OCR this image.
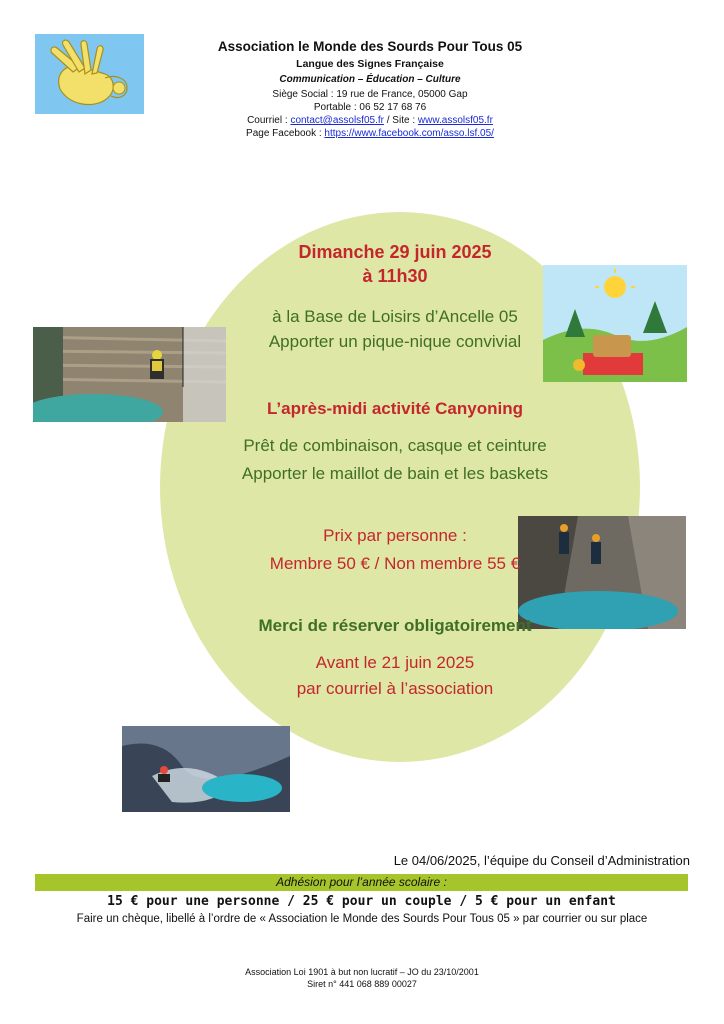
Association le Monde des Sourds Pour Tous 05
Langue des Signes Française
Communication – Éducation – Culture
Siège Social : 19 rue de France, 05000 Gap
Portable : 06 52 17 68 76
Courriel : contact@assolsf05.fr / Site : www.assolsf05.fr
Page Facebook : https://www.facebook.com/asso.lsf.05/
Dimanche 29 juin 2025
à 11h30
à la Base de Loisirs d’Ancelle 05
Apporter un pique-nique convivial
L’après-midi activité Canyoning
Prêt de combinaison, casque et ceinture
Apporter le maillot de bain et les baskets
Prix par personne :
Membre 50 € / Non membre 55 €
Merci de réserver obligatoirement
Avant le 21 juin 2025
par courriel à l’association
Le 04/06/2025, l’équipe du Conseil d’Administration
Adhésion pour l’année scolaire :
15 € pour une personne / 25 € pour un couple / 5 € pour un enfant
Faire un chèque, libellé à l’ordre de « Association le Monde des Sourds Pour Tous 05 » par courrier ou sur place
Association Loi 1901 à but non lucratif – JO du 23/10/2001
Siret n° 441 068 889 00027
